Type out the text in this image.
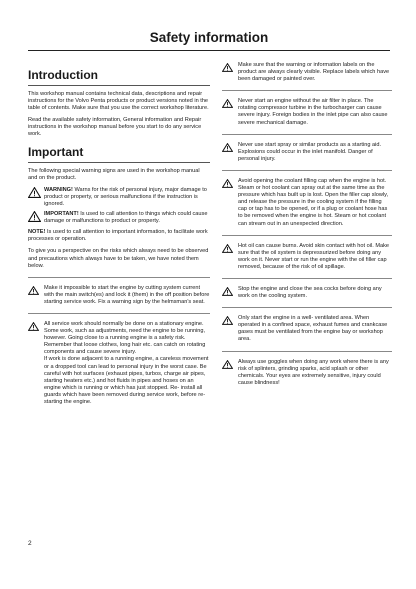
Safety information
Introduction

This workshop manual contains technical data, descriptions and repair instructions for the Volvo Penta products or product versions noted in the table of contents. Make sure that you use the correct workshop literature.

Read the available safety information, General information and Repair instructions in the workshop manual before you start to do any service work.

Important

The following special warning signs are used in the workshop manual and on the product.

WARNING! Warns for the risk of personal injury, major damage to product or property, or serious malfunctions if the instruction is ignored.

IMPORTANT! Is used to call attention to things which could cause damage or malfunctions to product or property.

NOTE! Is used to call attention to important information, to facilitate work processes or operation.

To give you a perspective on the risks which always need to be observed and precautions which always have to be taken, we have noted them below.

Make it impossible to start the engine by cutting system current with the main switch(es) and lock it (them) in the off position before starting service work. Fix a warning sign by the helmsman's seat.

All service work should normally be done on a stationary engine. Some work, such as adjustments, need the engine to be running, however. Going close to a running engine is a safety risk. Remember that loose clothes, long hair etc. can catch on rotating components and cause severe injury.
If work is done adjacent to a running engine, a careless movement or a dropped tool can lead to personal injury in the worst case. Be careful with hot surfaces (exhaust pipes, turbos, charge air pipes, starting heaters etc.) and hot fluids in pipes and hoses on an engine which is running or which has just stopped. Re- install all guards which have been removed during service work, before re- starting the engine.

Make sure that the warning or information labels on the product are always clearly visible. Replace labels which have been damaged or painted over.

Never start an engine without the air filter in place. The rotating compressor turbine in the turbocharger can cause severe injury. Foreign bodies in the inlet pipe can also cause severe mechanical damage.

Never use start spray or similar products as a starting aid. Explosions could occur in the inlet manifold. Danger of personal injury.

Avoid opening the coolant filling cap when the engine is hot. Steam or hot coolant can spray out at the same time as the pressure which has built up is lost. Open the filler cap slowly, and release the pressure in the cooling system if the filling cap or tap has to be opened, or if a plug or coolant hose has to be removed when the engine is hot. Steam or hot coolant can stream out in an unexpected direction.

Hot oil can cause burns. Avoid skin contact with hot oil. Make sure that the oil system is depressurized before doing any work on it. Never start or run the engine with the oil filler cap removed, because of the risk of oil spillage.

Stop the engine and close the sea cocks before doing any work on the cooling system.

Only start the engine in a well- ventilated area. When operated in a confined space, exhaust fumes and crankcase gases must be ventilated from the engine bay or workshop area.

Always use goggles when doing any work where there is any risk of splinters, grinding sparks, acid splash or other chemicals. Your eyes are extremely sensitive, injury could cause blindness!

2
